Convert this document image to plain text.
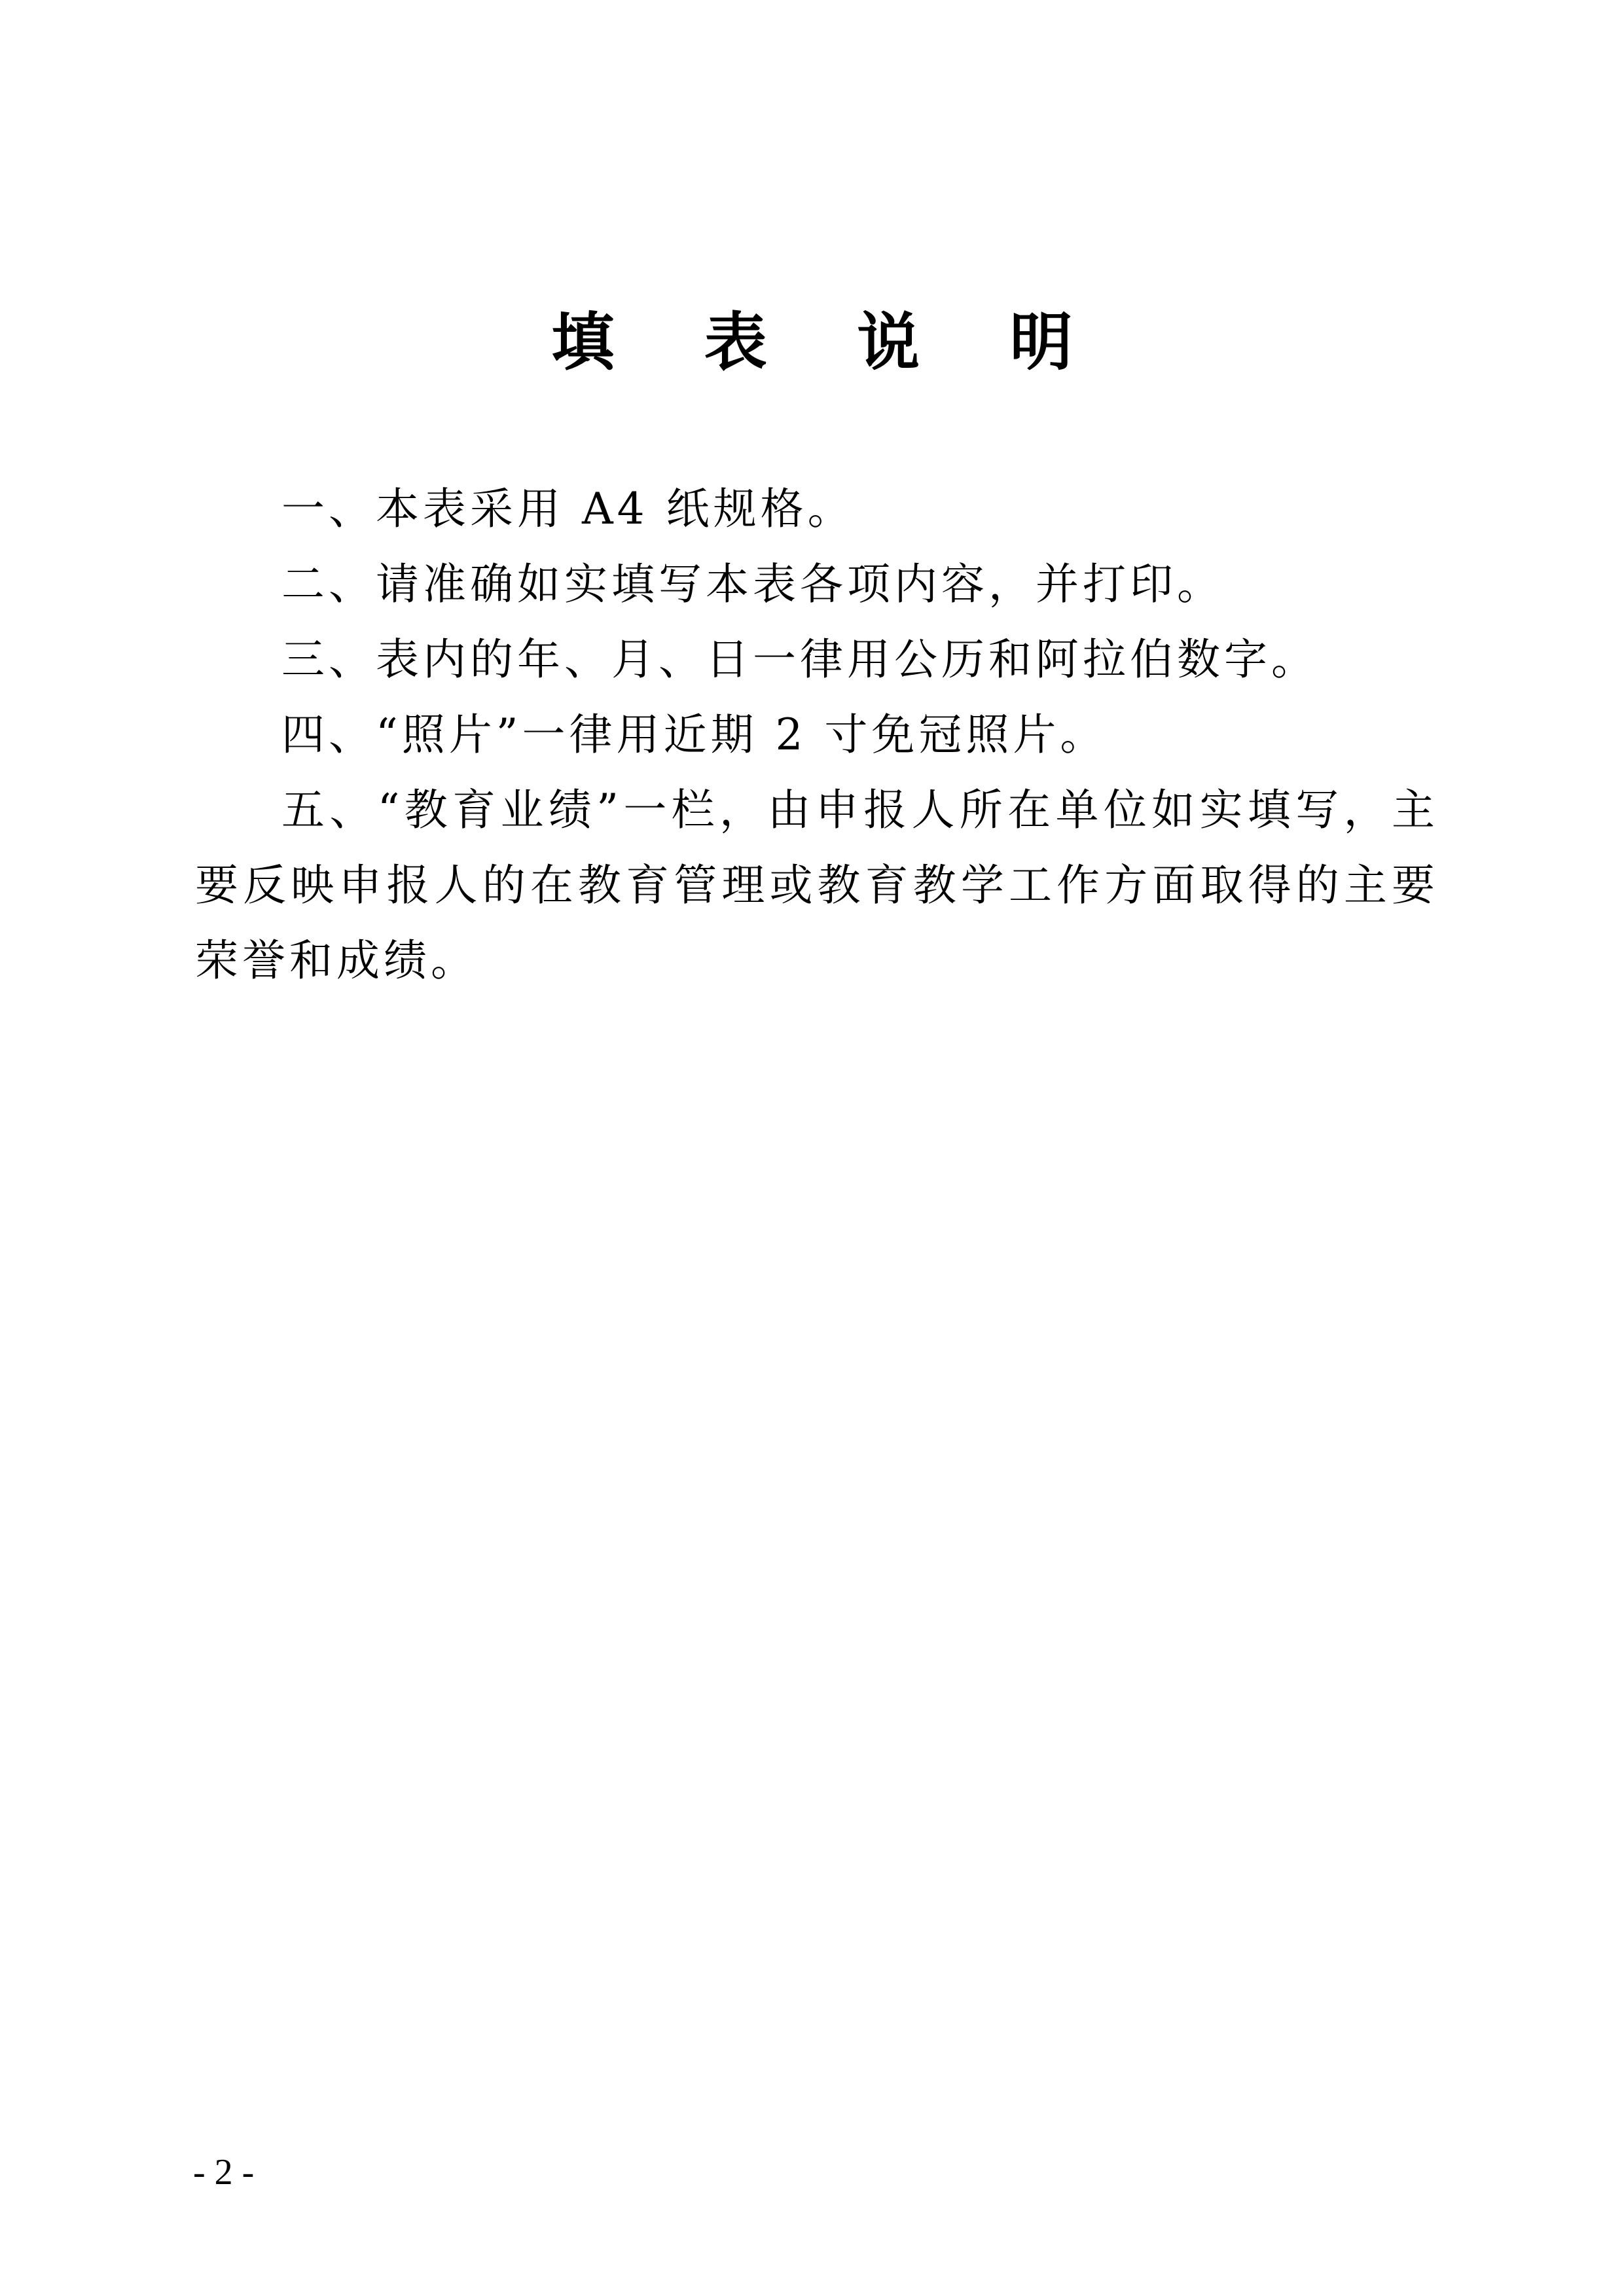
填 表 说 明

一、本表采用 A4 纸规格。

二、请准确如实填写本表各项内容，并打印。

三、表内的年、月、日一律用公历和阿拉伯数字。

四、“照片”一律用近期 2 寸免冠照片。

五、“教育业绩”一栏，由申报人所在单位如实填写，主要反映申报人的在教育管理或教育教学工作方面取得的主要荣誉和成绩。

- 2 -
